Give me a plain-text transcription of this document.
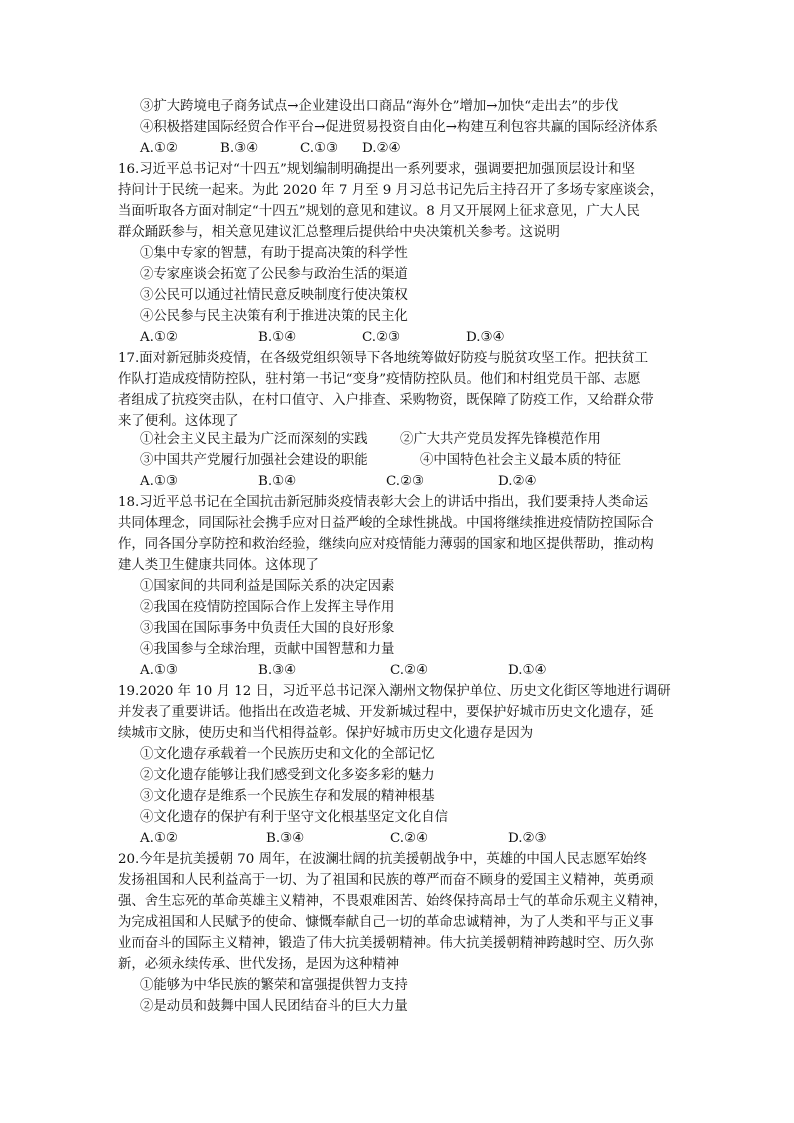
③扩大跨境电子商务试点→企业建设出口商品“海外仓”增加→加快“走出去”的步伐
④积极搭建国际经贸合作平台→促进贸易投资自由化→构建互利包容共赢的国际经济体系
A.①②	B.③④	C.①③ D.②④
16.习近平总书记对“十四五”规划编制明确提出一系列要求，强调要把加强顶层设计和坚
持问计于民统一起来。为此 2020 年 7 月至 9 月习总书记先后主持召开了多场专家座谈会，
当面听取各方面对制定“十四五”规划的意见和建议。8 月又开展网上征求意见，广大人民
群众踊跃参与，相关意见建议汇总整理后提供给中央决策机关参考。这说明
①集中专家的智慧，有助于提高决策的科学性
②专家座谈会拓宽了公民参与政治生活的渠道
③公民可以通过社情民意反映制度行使决策权
④公民参与民主决策有利于推进决策的民主化
A.①②	B.①④	C.②③	D.③④
17.面对新冠肺炎疫情，在各级党组织领导下各地统筹做好防疫与脱贫攻坚工作。把扶贫工
作队打造成疫情防控队，驻村第一书记“变身”疫情防控队员。他们和村组党员干部、志愿
者组成了抗疫突击队，在村口值守、入户排查、采购物资，既保障了防疫工作，又给群众带
来了便利。这体现了
①社会主义民主最为广泛而深刻的实践 ②广大共产党员发挥先锋模范作用
③中国共产党履行加强社会建设的职能	④中国特色社会主义最本质的特征
A.①③	B.①④	C.②③	D.②④
18.习近平总书记在全国抗击新冠肺炎疫情表彰大会上的讲话中指出，我们要秉持人类命运
共同体理念，同国际社会携手应对日益严峻的全球性挑战。中国将继续推进疫情防控国际合
作，同各国分享防控和救治经验，继续向应对疫情能力薄弱的国家和地区提供帮助，推动构
建人类卫生健康共同体。这体现了
①国家间的共同利益是国际关系的决定因素
②我国在疫情防控国际合作上发挥主导作用
③我国在国际事务中负责任大国的良好形象
④我国参与全球治理，贡献中国智慧和力量
A.①③	B.③④	C.②④	D.①④
19.2020 年 10 月 12 日，习近平总书记深入潮州文物保护单位、历史文化街区等地进行调研
并发表了重要讲话。他指出在改造老城、开发新城过程中，要保护好城市历史文化遗存，延
续城市文脉，使历史和当代相得益彰。保护好城市历史文化遗存是因为
①文化遗存承载着一个民族历史和文化的全部记忆
②文化遗存能够让我们感受到文化多姿多彩的魅力
③文化遗存是维系一个民族生存和发展的精神根基
④文化遗存的保护有利于坚守文化根基坚定文化自信
A.①②	B.③④	C.②④	D.②③
20.今年是抗美援朝 70 周年，在波澜壮阔的抗美援朝战争中，英雄的中国人民志愿军始终
发扬祖国和人民利益高于一切、为了祖国和民族的尊严而奋不顾身的爱国主义精神，英勇顽
强、舍生忘死的革命英雄主义精神，不畏艰难困苦、始终保持高昂士气的革命乐观主义精神，
为完成祖国和人民赋予的使命、慷慨奉献自己一切的革命忠诚精神，为了人类和平与正义事
业而奋斗的国际主义精神，锻造了伟大抗美援朝精神。伟大抗美援朝精神跨越时空、历久弥
新，必须永续传承、世代发扬，是因为这种精神
①能够为中华民族的繁荣和富强提供智力支持
②是动员和鼓舞中国人民团结奋斗的巨大力量
